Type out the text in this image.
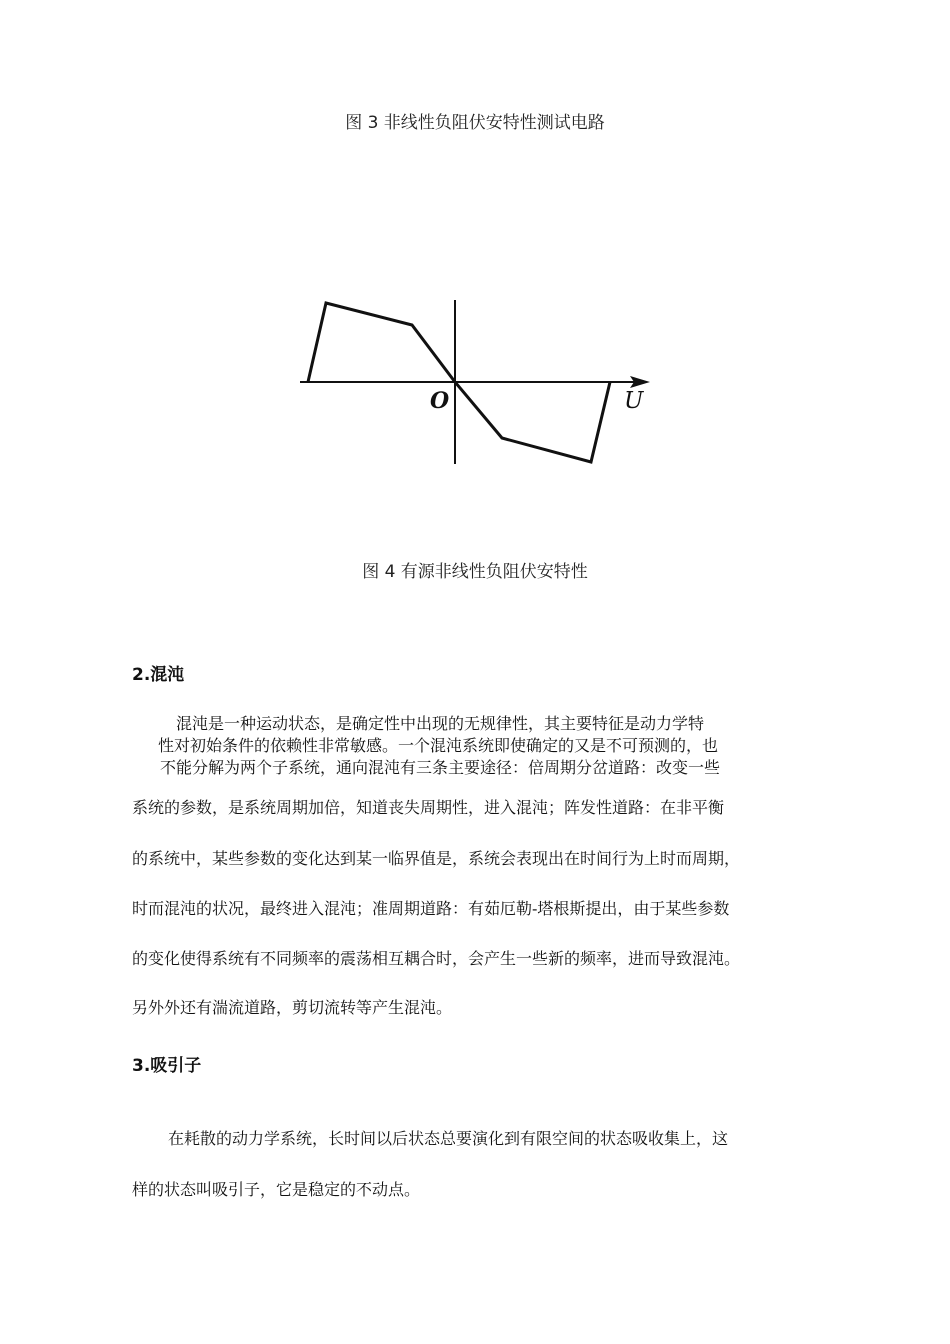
图 3 非线性负阻伏安特性测试电路
O	U
图 4 有源非线性负阻伏安特性
2.混沌
混沌是一种运动状态，是确定性中出现的无规律性，其主要特征是动力学特
性对初始条件的依赖性非常敏感。一个混沌系统即使确定的又是不可预测的，也
不能分解为两个子系统，通向混沌有三条主要途径：倍周期分岔道路：改变一些
系统的参数，是系统周期加倍，知道丧失周期性，进入混沌；阵发性道路：在非平衡
的系统中，某些参数的变化达到某一临界值是，系统会表现出在时间行为上时而周期，
时而混沌的状况，最终进入混沌；准周期道路：有茹厄勒-塔根斯提出，由于某些参数
的变化使得系统有不同频率的震荡相互耦合时，会产生一些新的频率，进而导致混沌。
另外外还有湍流道路，剪切流转等产生混沌。
3.吸引子
在耗散的动力学系统，长时间以后状态总要演化到有限空间的状态吸收集上，这
样的状态叫吸引子，它是稳定的不动点。
